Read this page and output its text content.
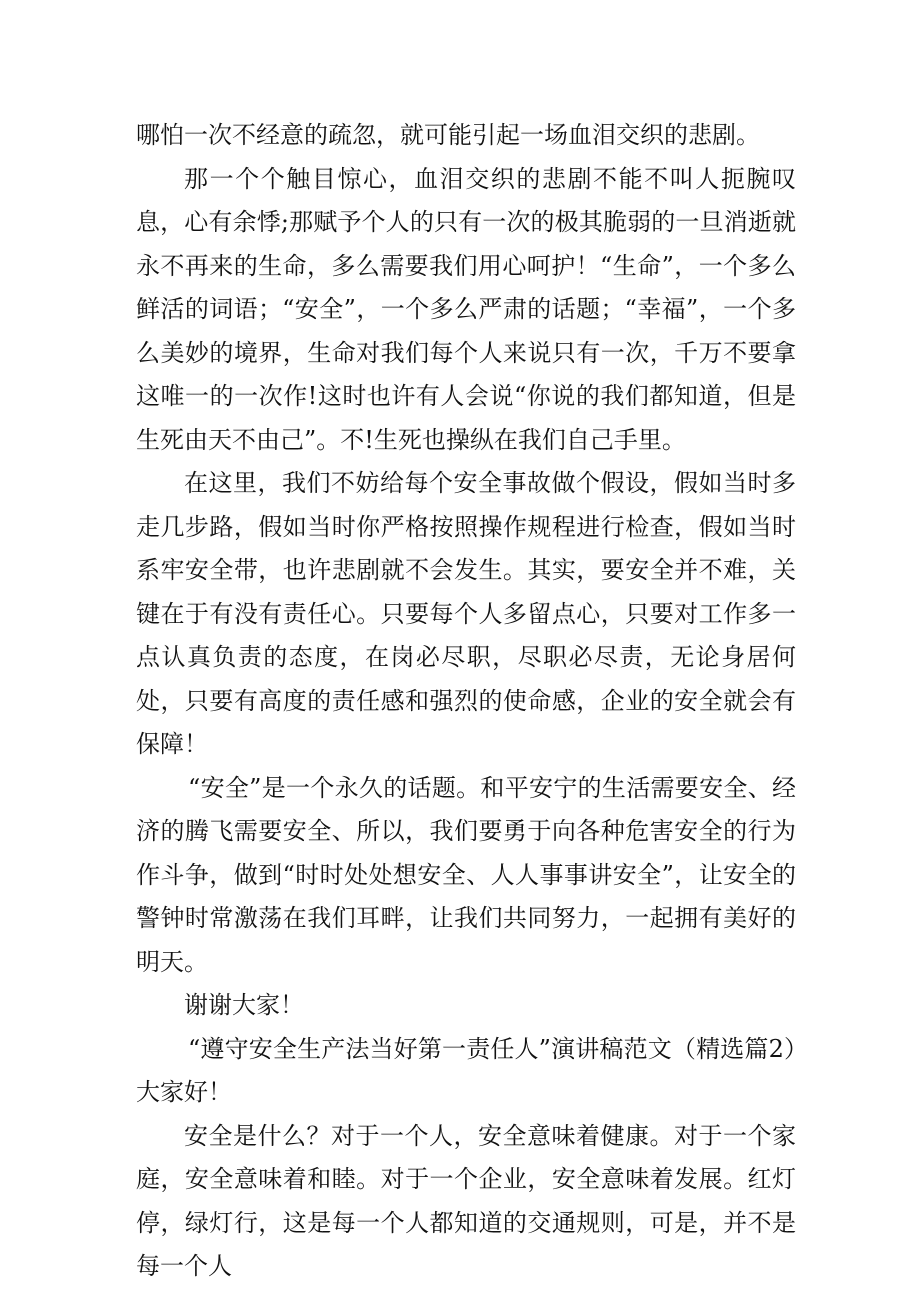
哪怕一次不经意的疏忽，就可能引起一场血泪交织的悲剧。

那一个个触目惊心，血泪交织的悲剧不能不叫人扼腕叹息，心有余悸;那赋予个人的只有一次的极其脆弱的一旦消逝就永不再来的生命，多么需要我们用心呵护！“生命”，一个多么鲜活的词语；“安全”，一个多么严肃的话题；“幸福”，一个多么美妙的境界，生命对我们每个人来说只有一次，千万不要拿这唯一的一次作!这时也许有人会说“你说的我们都知道，但是生死由天不由己”。不!生死也操纵在我们自己手里。

在这里，我们不妨给每个安全事故做个假设，假如当时多走几步路，假如当时你严格按照操作规程进行检查，假如当时系牢安全带，也许悲剧就不会发生。其实，要安全并不难，关键在于有没有责任心。只要每个人多留点心，只要对工作多一点认真负责的态度，在岗必尽职，尽职必尽责，无论身居何处，只要有高度的责任感和强烈的使命感，企业的安全就会有保障！

“安全”是一个永久的话题。和平安宁的生活需要安全、经济的腾飞需要安全、所以，我们要勇于向各种危害安全的行为作斗争，做到“时时处处想安全、人人事事讲安全”，让安全的警钟时常激荡在我们耳畔，让我们共同努力，一起拥有美好的明天。

谢谢大家！

“遵守安全生产法当好第一责任人”演讲稿范文（精选篇2）大家好！

安全是什么？对于一个人，安全意味着健康。对于一个家庭，安全意味着和睦。对于一个企业，安全意味着发展。红灯停，绿灯行，这是每一个人都知道的交通规则，可是，并不是每一个人
